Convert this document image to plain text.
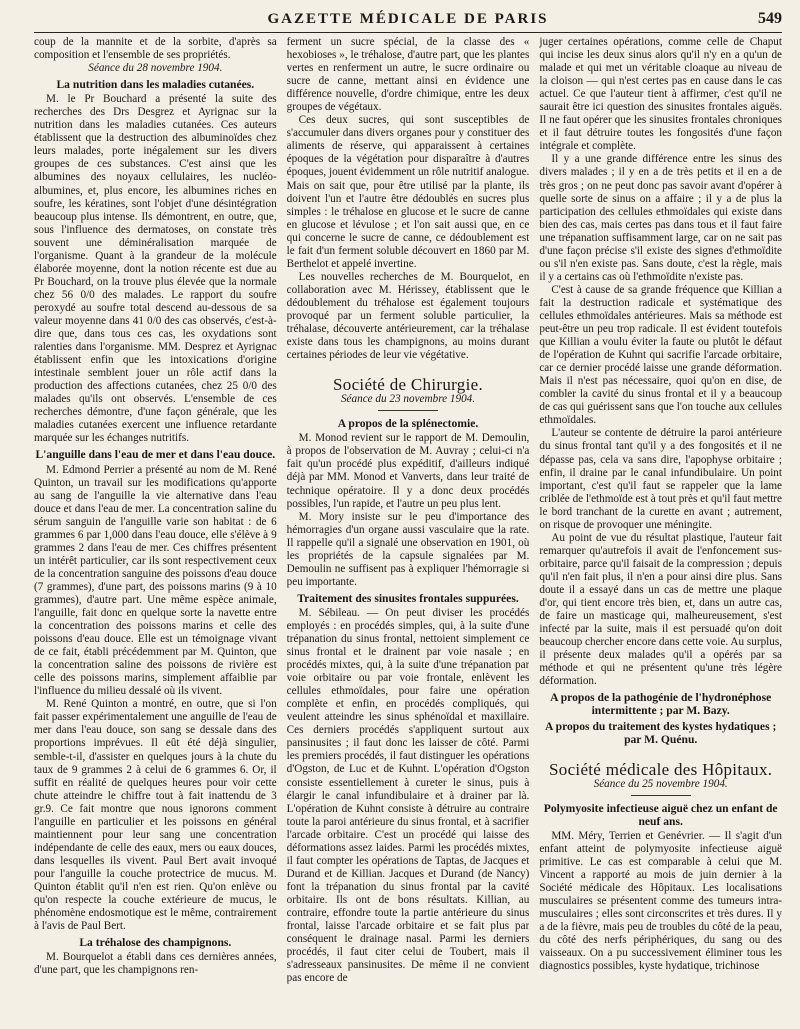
GAZETTE MÉDICALE DE PARIS	549

coup de la mannite et de la sorbite, d'après sa composition et l'ensemble de ses propriétés.

Séance du 28 novembre 1904.

La nutrition dans les maladies cutanées.

M. le Pr Bouchard a présenté la suite des recherches des Drs Desgrez et Ayrignac sur la nutrition dans les maladies cutanées. Ces auteurs établissent que la destruction des albuminoïdes chez leurs malades, porte inégalement sur les divers groupes de ces substances. C'est ainsi que les albumines des noyaux cellulaires, les nucléo-albumines, et, plus encore, les albumines riches en soufre, les kératines, sont l'objet d'une désintégration beaucoup plus intense. Ils démontrent, en outre, que, sous l'influence des dermatoses, on constate très souvent une déminéralisation marquée de l'organisme. Quant à la grandeur de la molécule élaborée moyenne, dont la notion récente est due au Pr Bouchard, on la trouve plus élevée que la normale chez 56 0/0 des malades. Le rapport du soufre peroxydé au soufre total descend au-dessous de sa valeur moyenne dans 41 0/0 des cas observés, c'est-à-dire que, dans tous ces cas, les oxydations sont ralenties dans l'organisme. MM. Desprez et Ayrignac établissent enfin que les intoxications d'origine intestinale semblent jouer un rôle actif dans la production des affections cutanées, chez 25 0/0 des malades qu'ils ont observés. L'ensemble de ces recherches démontre, d'une façon générale, que les maladies cutanées exercent une influence retardante marquée sur les échanges nutritifs.

L'anguille dans l'eau de mer et dans l'eau douce.

M. Edmond Perrier a présenté au nom de M. René Quinton, un travail sur les modifications qu'apporte au sang de l'anguille la vie alternative dans l'eau douce et dans l'eau de mer. La concentration saline du sérum sanguin de l'anguille varie son habitat : de 6 grammes 6 par 1,000 dans l'eau douce, elle s'élève à 9 grammes 2 dans l'eau de mer. Ces chiffres présentent un intérêt particulier, car ils sont respectivement ceux de la concentration sanguine des poissons d'eau douce (7 grammes), d'une part, des poissons marins (9 à 10 grammes), d'autre part. Une même espèce animale, l'anguille, fait donc en quelque sorte la navette entre la concentration des poissons marins et celle des poissons d'eau douce. Elle est un témoignage vivant de ce fait, établi précédemment par M. Quinton, que la concentration saline des poissons de rivière est celle des poissons marins, simplement affaiblie par l'influence du milieu dessalé où ils vivent.

M. René Quinton a montré, en outre, que si l'on fait passer expérimentalement une anguille de l'eau de mer dans l'eau douce, son sang se dessale dans des proportions imprévues. Il eût été déjà singulier, semble-t-il, d'assister en quelques jours à la chute du taux de 9 grammes 2 à celui de 6 grammes 6. Or, il suffit en réalité de quelques heures pour voir cette chute atteindre le chiffre tout à fait inattendu de 3 gr.9. Ce fait montre que nous ignorons comment l'anguille en particulier et les poissons en général maintiennent pour leur sang une concentration indépendante de celle des eaux, mers ou eaux douces, dans lesquelles ils vivent. Paul Bert avait invoqué pour l'anguille la couche protectrice de mucus. M. Quinton établit qu'il n'en est rien. Qu'on enlève ou qu'on respecte la couche extérieure de mucus, le phénomène endosmotique est le même, contrairement à l'avis de Paul Bert.

La tréhalose des champignons.

M. Bourquelot a établi dans ces dernières années, d'une part, que les champignons ren-

ferment un sucre spécial, de la classe des « hexobioses », le tréhalose, d'autre part, que les plantes vertes en renferment un autre, le sucre ordinaire ou sucre de canne, mettant ainsi en évidence une différence nouvelle, d'ordre chimique, entre les deux groupes de végétaux.

Ces deux sucres, qui sont susceptibles de s'accumuler dans divers organes pour y constituer des aliments de réserve, qui apparaissent à certaines époques de la végétation pour disparaître à d'autres époques, jouent évidemment un rôle nutritif analogue. Mais on sait que, pour être utilisé par la plante, ils doivent l'un et l'autre être dédoublés en sucres plus simples : le tréhalose en glucose et le sucre de canne en glucose et lévulose ; et l'on sait aussi que, en ce qui concerne le sucre de canne, ce dédoublement est le fait d'un ferment soluble découvert en 1860 par M. Berthelot et appelé invertine.

Les nouvelles recherches de M. Bourquelot, en collaboration avec M. Hérissey, établissent que le dédoublement du tréhalose est également toujours provoqué par un ferment soluble particulier, la tréhalase, découverte antérieurement, car la tréhalase existe dans tous les champignons, au moins durant certaines périodes de leur vie végétative.

Société de Chirurgie.
Séance du 23 novembre 1904.
A propos de la splénectomie.

M. Monod revient sur le rapport de M. Demoulin, à propos de l'observation de M. Auvray ; celui-ci n'a fait qu'un procédé plus expéditif, d'ailleurs indiqué déjà par MM. Monod et Vanverts, dans leur traité de technique opératoire. Il y a donc deux procédés possibles, l'un rapide, et l'autre un peu plus lent.

M. Mory insiste sur le peu d'importance des hémorragies d'un organe aussi vasculaire que la rate. Il rappelle qu'il a signalé une observation en 1901, où les propriétés de la capsule signalées par M. Demoulin ne suffisent pas à expliquer l'hémorragie si peu importante.

Traitement des sinusites frontales suppurées.

M. Sébileau. — On peut diviser les procédés employés : en procédés simples, qui, à la suite d'une trépanation du sinus frontal, nettoient simplement ce sinus frontal et le drainent par voie nasale ; en procédés mixtes, qui, à la suite d'une trépanation par voie orbitaire ou par voie frontale, enlèvent les cellules ethmoïdales, pour faire une opération complète et enfin, en procédés compliqués, qui veulent atteindre les sinus sphénoïdal et maxillaire. Ces derniers procédés s'appliquent surtout aux pansinusites ; il faut donc les laisser de côté. Parmi les premiers procédés, il faut distinguer les opérations d'Ogston, de Luc et de Kuhnt. L'opération d'Ogston consiste essentiellement à cureter le sinus, puis à élargir le canal infundibulaire et à drainer par là. L'opération de Kuhnt consiste à détruire au contraire toute la paroi antérieure du sinus frontal, et à sacrifier l'arcade orbitaire. C'est un procédé qui laisse des déformations assez laides. Parmi les procédés mixtes, il faut compter les opérations de Taptas, de Jacques et Durand et de Killian. Jacques et Durand (de Nancy) font la trépanation du sinus frontal par la cavité orbitaire. Ils ont de bons résultats. Killian, au contraire, effondre toute la partie antérieure du sinus frontal, laisse l'arcade orbitaire et se fait plus par conséquent le drainage nasal. Parmi les derniers procédés, il faut citer celui de Toubert, mais il s'adresseaux pansinusites. De même il ne convient pas encore de

juger certaines opérations, comme celle de Chaput qui incise les deux sinus alors qu'il n'y en a qu'un de malade et qui met un véritable cloaque au niveau de la cloison — qui n'est certes pas en cause dans le cas actuel. Ce que l'auteur tient à affirmer, c'est qu'il ne saurait être ici question des sinusites frontales aiguës. Il ne faut opérer que les sinusites frontales chroniques et il faut détruire toutes les fongosités d'une façon intégrale et complète.

Il y a une grande différence entre les sinus des divers malades ; il y en a de très petits et il en a de très gros ; on ne peut donc pas savoir avant d'opérer à quelle sorte de sinus on a affaire ; il y a de plus la participation des cellules ethmoïdales qui existe dans bien des cas, mais certes pas dans tous et il faut faire une trépanation suffisamment large, car on ne sait pas d'une façon précise s'il existe des signes d'ethmoïdite ou s'il n'en existe pas. Sans doute, c'est la règle, mais il y a certains cas où l'ethmoïdite n'existe pas.

C'est à cause de sa grande fréquence que Killian a fait la destruction radicale et systématique des cellules ethmoïdales antérieures. Mais sa méthode est peut-être un peu trop radicale. Il est évident toutefois que Killian a voulu éviter la faute ou plutôt le défaut de l'opération de Kuhnt qui sacrifie l'arcade orbitaire, car ce dernier procédé laisse une grande déformation. Mais il n'est pas nécessaire, quoi qu'on en dise, de combler la cavité du sinus frontal et il y a beaucoup de cas qui guérissent sans que l'on touche aux cellules ethmoïdales.

L'auteur se contente de détruire la paroi antérieure du sinus frontal tant qu'il y a des fongosités et il ne dépasse pas, cela va sans dire, l'apophyse orbitaire ; enfin, il draine par le canal infundibulaire. Un point important, c'est qu'il faut se rappeler que la lame criblée de l'ethmoïde est à tout près et qu'il faut mettre le bord tranchant de la curette en avant ; autrement, on risque de provoquer une méningite.

Au point de vue du résultat plastique, l'auteur fait remarquer qu'autrefois il avait de l'enfoncement sus-orbitaire, parce qu'il faisait de la compression ; depuis qu'il n'en fait plus, il n'en a pour ainsi dire plus. Sans doute il a essayé dans un cas de mettre une plaque d'or, qui tient encore très bien, et, dans un autre cas, de faire un masticage qui, malheureusement, s'est infecté par la suite, mais il est persuadé qu'on doit beaucoup chercher encore dans cette voie. Au surplus, il présente deux malades qu'il a opérés par sa méthode et qui ne présentent qu'une très légère déformation.

A propos de la pathogénie de l'hydronéphose intermittente ; par M. Bazy.
A propos du traitement des kystes hydatiques ; par M. Quénu.
Société médicale des Hôpitaux.
Séance du 25 novembre 1904.
Polymyosite infectieuse aiguë chez un enfant de neuf ans.

MM. Méry, Terrien et Genévrier. — Il s'agit d'un enfant atteint de polymyosite infectieuse aiguë primitive. Le cas est comparable à celui que M. Vincent a rapporté au mois de juin dernier à la Société médicale des Hôpitaux. Les localisations musculaires se présentent comme des tumeurs intra-musculaires ; elles sont circonscrites et très dures. Il y a de la fièvre, mais peu de troubles du côté de la peau, du côté des nerfs périphériques, du sang ou des vaisseaux. On a pu successivement éliminer tous les diagnostics possibles, kyste hydatique, trichinose
